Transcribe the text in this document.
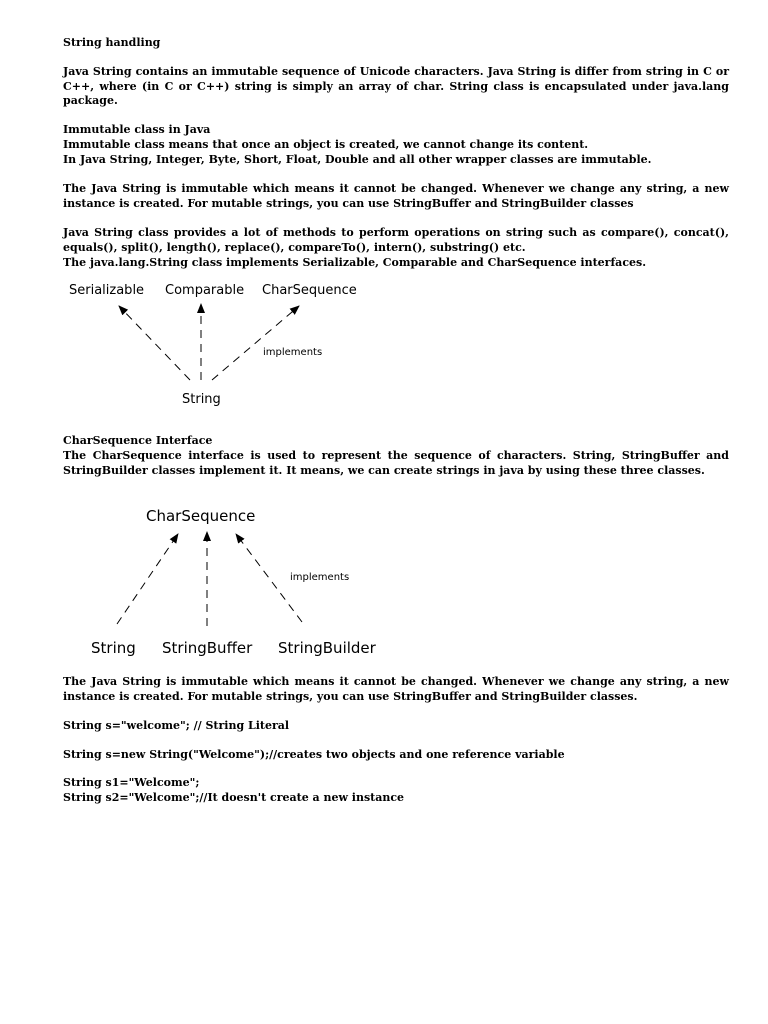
String handling

Java String contains an immutable sequence of Unicode characters. Java String is differ from string in C or C++, where (in C or C++) string is simply an array of char. String class is encapsulated under java.lang package.

Immutable class in Java

Immutable class means that once an object is created, we cannot change its content.

In Java String, Integer, Byte, Short, Float, Double and all other wrapper classes are immutable.

The Java String is immutable which means it cannot be changed. Whenever we change any string, a new instance is created. For mutable strings, you can use StringBuffer and StringBuilder classes

Java String class provides a lot of methods to perform operations on string such as compare(), concat(), equals(), split(), length(), replace(), compareTo(), intern(), substring() etc.

The java.lang.String class implements Serializable, Comparable and CharSequence interfaces.

Serializable Comparable CharSequence
implements
String
CharSequence
implements
String StringBuffer StringBuilder

CharSequence Interface

The CharSequence interface is used to represent the sequence of characters. String, StringBuffer and StringBuilder classes implement it. It means, we can create strings in java by using these three classes.

The Java String is immutable which means it cannot be changed. Whenever we change any string, a new instance is created. For mutable strings, you can use StringBuffer and StringBuilder classes.

String s="welcome"; // String Literal

String s=new String("Welcome");//creates two objects and one reference variable

String s1="Welcome";

String s2="Welcome";//It doesn't create a new instance
